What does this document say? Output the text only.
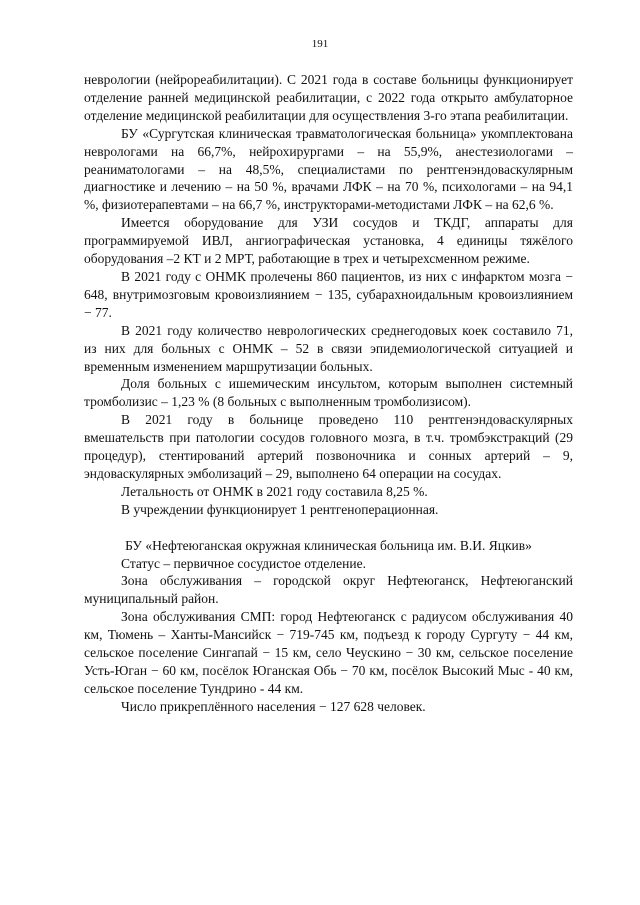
191

неврологии (нейрореабилитации). С 2021 года в составе больницы функционирует отделение ранней медицинской реабилитации, с 2022 года открыто амбулаторное отделение медицинской реабилитации для осуществления 3-го этапа реабилитации.

БУ «Сургутская клиническая травматологическая больница» укомплектована неврологами на 66,7%, нейрохирургами – на 55,9%, анестезиологами – реаниматологами – на 48,5%, специалистами по рентгенэндоваскулярным диагностике и лечению – на 50 %, врачами ЛФК – на 70 %, психологами – на 94,1 %, физиотерапевтами – на 66,7 %, инструкторами-методистами ЛФК – на 62,6 %.

Имеется оборудование для УЗИ сосудов и ТКДГ, аппараты для программируемой ИВЛ, ангиографическая установка, 4 единицы тяжёлого оборудования –2 КТ и 2 МРТ, работающие в трех и четырехсменном режиме.

В 2021 году с ОНМК пролечены 860 пациентов, из них с инфарктом мозга − 648, внутримозговым кровоизлиянием − 135, субарахноидальным кровоизлиянием − 77.

В 2021 году количество неврологических среднегодовых коек составило 71, из них для больных с ОНМК – 52 в связи эпидемиологической ситуацией и временным изменением маршрутизации больных.

Доля больных с ишемическим инсультом, которым выполнен системный тромболизис – 1,23 % (8 больных с выполненным тромболизисом).

В 2021 году в больнице проведено 110 рентгенэндоваскулярных вмешательств при патологии сосудов головного мозга, в т.ч. тромбэкстракций (29 процедур), стентирований артерий позвоночника и сонных артерий – 9, эндоваскулярных эмболизаций – 29, выполнено 64 операции на сосудах.

Летальность от ОНМК в 2021 году составила 8,25 %.

В учреждении функционирует 1 рентгеноперационная.

БУ «Нефтеюганская окружная клиническая больница им. В.И. Яцкив»

Статус – первичное сосудистое отделение.

Зона обслуживания – городской округ Нефтеюганск, Нефтеюганский муниципальный район.

Зона обслуживания СМП: город Нефтеюганск с радиусом обслуживания 40 км, Тюмень – Ханты-Мансийск − 719-745 км, подъезд к городу Сургуту − 44 км, сельское поселение Сингапай − 15 км, село Чеускино − 30 км, сельское поселение Усть-Юган − 60 км, посёлок Юганская Обь − 70 км, посёлок Высокий Мыс - 40 км, сельское поселение Тундрино - 44 км.

Число прикреплённого населения − 127 628 человек.
